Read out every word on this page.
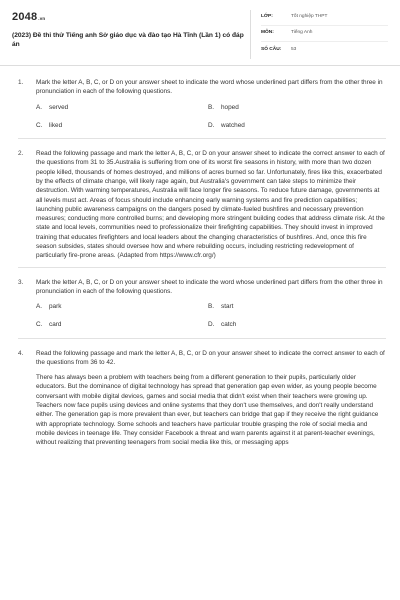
2048.vn
(2023) Đề thi thử Tiếng anh Sở giáo dục và đào tạo Hà Tĩnh (Lần 1) có đáp án
LỚP:	Tốt nghiệp THPT
MÔN:	Tiếng Anh
SỐ CÂU:	53
1.	Mark the letter A, B, C, or D on your answer sheet to indicate the word whose underlined part differs from the other three in pronunciation in each of the following questions.
A.	served	B.	hoped
C.	liked	D.	watched
2.	Read the following passage and mark the letter A, B, C, or D on your answer sheet to indicate the correct answer to each of the questions from 31 to 35.Australia is suffering from one of its worst fire seasons in history, with more than two dozen people killed, thousands of homes destroyed, and millions of acres burned so far. Unfortunately, fires like this, exacerbated by the effects of climate change, will likely rage again, but Australia's government can take steps to minimize their destruction. With warming temperatures, Australia will face longer fire seasons. To reduce future damage, governments at all levels must act. Areas of focus should include enhancing early warning systems and fire prediction capabilities; launching public awareness campaigns on the dangers posed by climate-fueled bushfires and necessary prevention measures; conducting more controlled burns; and developing more stringent building codes that address climate risk. At the state and local levels, communities need to professionalize their firefighting capabilities. They should invest in improved training that educates firefighters and local leaders about the changing characteristics of bushfires. And, once this fire season subsides, states should oversee how and where rebuilding occurs, including restricting redevelopment of particularly fire-prone areas. (Adapted from https://www.cfr.org/)
3.	Mark the letter A, B, C, or D on your answer sheet to indicate the word whose underlined part differs from the other three in pronunciation in each of the following questions.
A.	park	B.	start
C.	card	D.	catch
4.	Read the following passage and mark the letter A, B, C, or D on your answer sheet to indicate the correct answer to each of the questions from 36 to 42.
There has always been a problem with teachers being from a different generation to their pupils, particularly older educators. But the dominance of digital technology has spread that generation gap even wider, as young people become conversant with mobile digital devices, games and social media that didn't exist when their teachers were growing up. Teachers now face pupils using devices and online systems that they don't use themselves, and don't really understand either. The generation gap is more prevalent than ever, but teachers can bridge that gap if they receive the right guidance with appropriate technology. Some schools and teachers have particular trouble grasping the role of social media and mobile devices in teenage life. They consider Facebook a threat and warn parents against it at parent-teacher evenings, without realizing that preventing teenagers from social media like this, or messaging apps
